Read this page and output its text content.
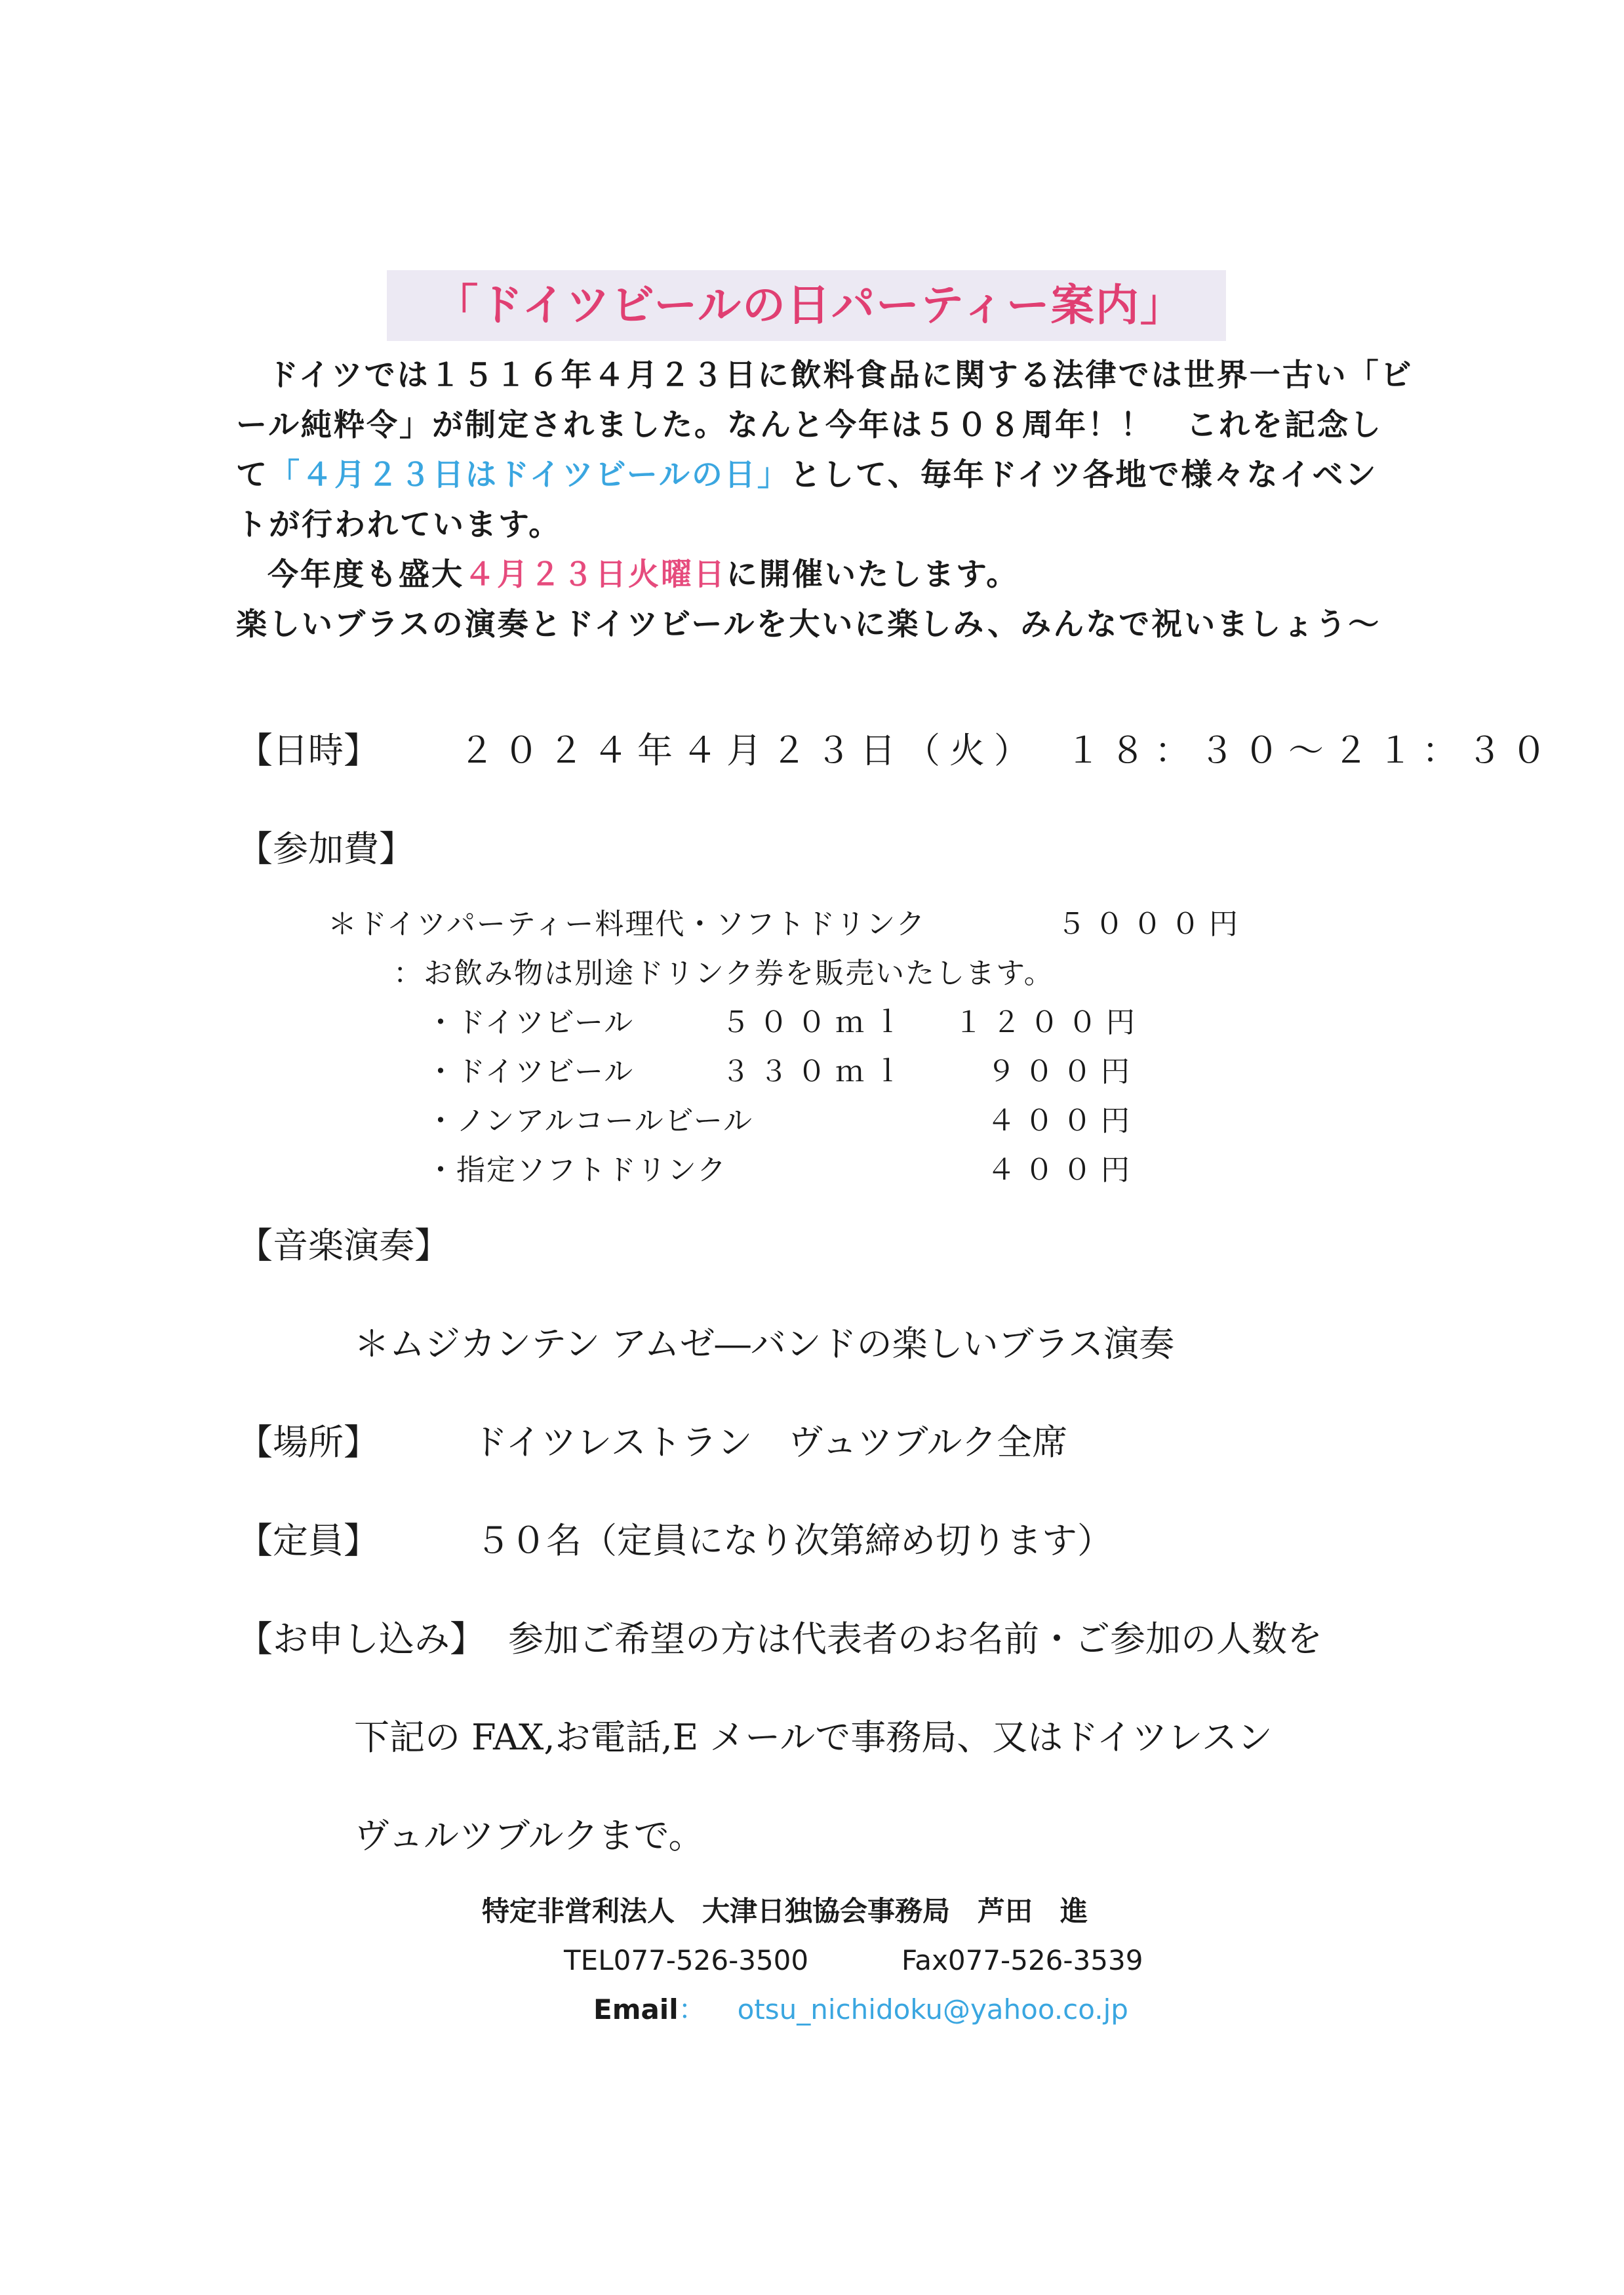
「ドイツビールの日パーティー案内」
ドイツでは１５１６年４月２３日に飲料食品に関する法律では世界一古い「ビ
ール純粋令」が制定されました。なんと今年は５０８周年！！　これを記念し
て「４月２３日はドイツビールの日」として、毎年ドイツ各地で様々なイベン
トが行われています。
今年度も盛大４月２３日火曜日に開催いたします。
楽しいブラスの演奏とドイツビールを大いに楽しみ、みんなで祝いましょう～
【日時】 ２０２４年４月２３日（火）　１８：３０～２１：３０
【参加費】
＊ドイツパーティー料理代・ソフトドリンク	５０００円
：お飲み物は別途ドリンク券を販売いたします。
・ドイツビール	５００ｍｌ １２００円
・ドイツビール	３３０ｍｌ	９００円
・ノンアルコールビール	４００円
・指定ソフトドリンク	４００円
【音楽演奏】
＊ムジカンテン アムゼ―バンドの楽しいブラス演奏
【場所】	ドイツレストラン　ヴュツブルク全席
【定員】	５０名（定員になり次第締め切ります）
【お申し込み】 参加ご希望の方は代表者のお名前・ご参加の人数を
下記の FAX,お電話,E メールで事務局、又はドイツレスン
ヴュルツブルクまで。
特定非営利法人　大津日独協会事務局　芦田　進
TEL077-526-3500	Fax077-526-3539
Email： otsu_nichidoku@yahoo.co.jp
